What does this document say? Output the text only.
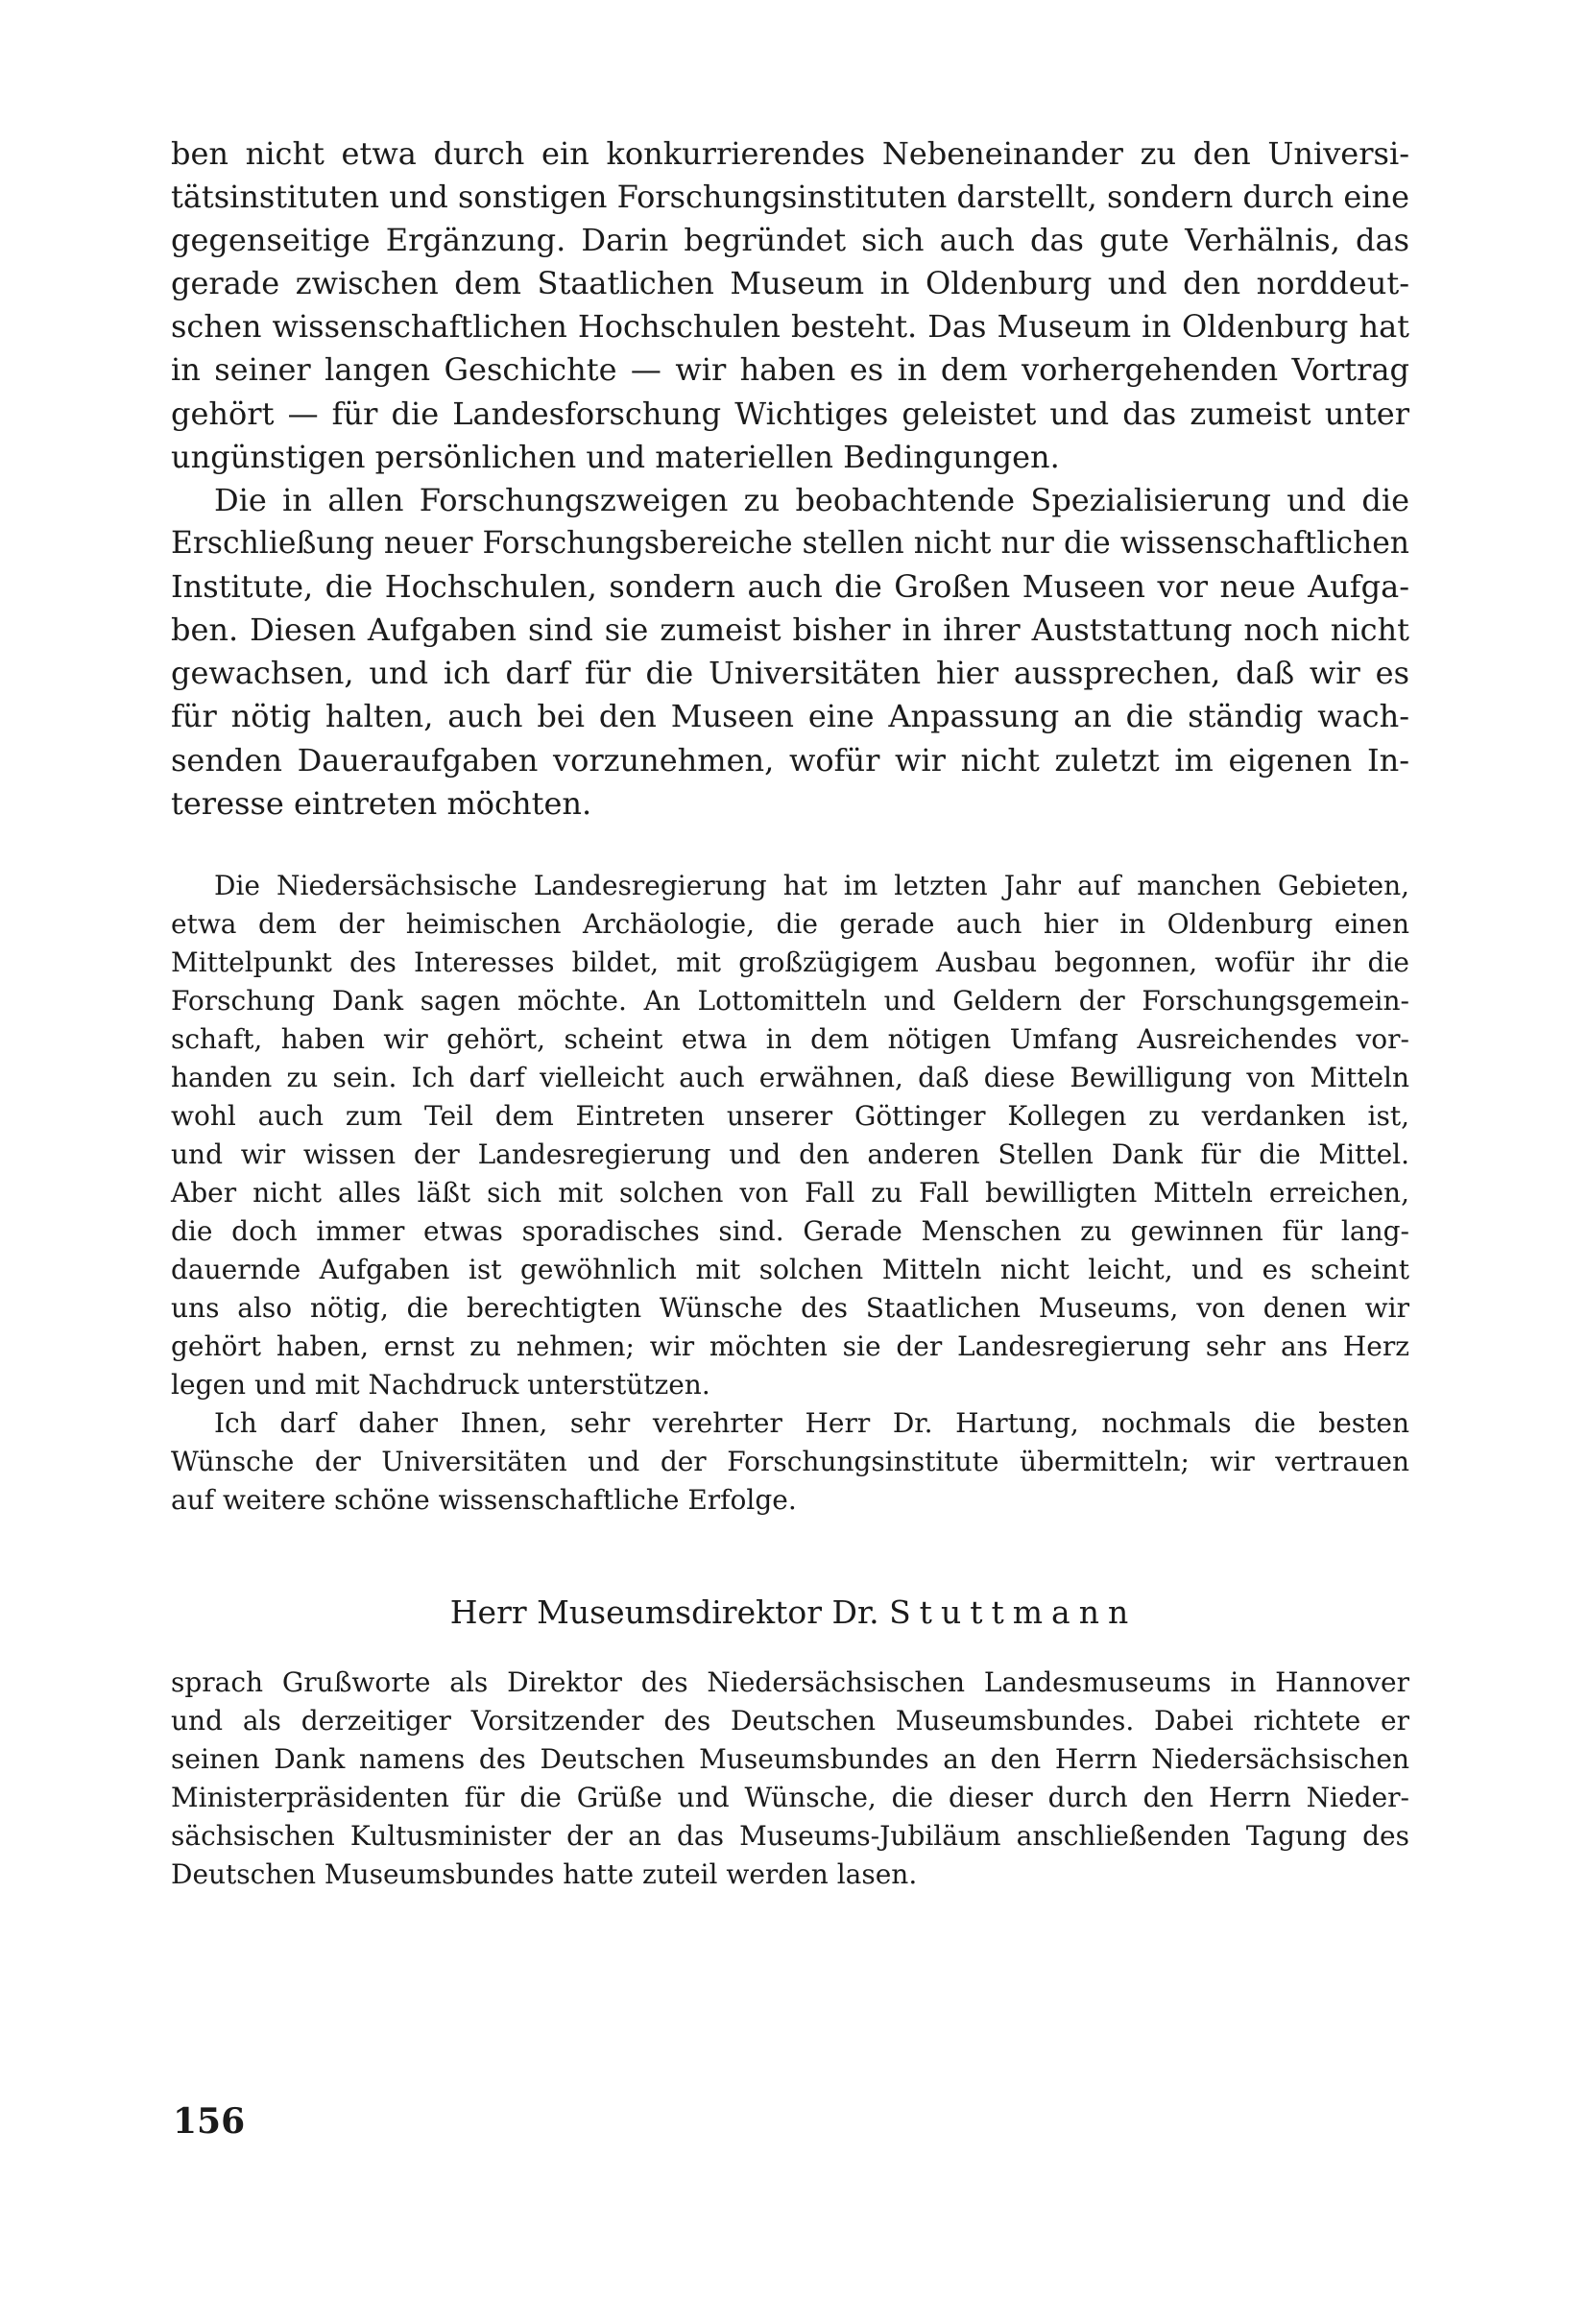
ben nicht etwa durch ein konkurrierendes Nebeneinander zu den Universi-
tätsinstituten und sonstigen Forschungsinstituten darstellt, sondern durch eine
gegenseitige Ergänzung. Darin begründet sich auch das gute Verhälnis, das
gerade zwischen dem Staatlichen Museum in Oldenburg und den norddeut-
schen wissenschaftlichen Hochschulen besteht. Das Museum in Oldenburg hat
in seiner langen Geschichte — wir haben es in dem vorhergehenden Vortrag
gehört — für die Landesforschung Wichtiges geleistet und das zumeist unter
ungünstigen persönlichen und materiellen Bedingungen.

Die in allen Forschungszweigen zu beobachtende Spezialisierung und die
Erschließung neuer Forschungsbereiche stellen nicht nur die wissenschaftlichen
Institute, die Hochschulen, sondern auch die Großen Museen vor neue Aufga-
ben. Diesen Aufgaben sind sie zumeist bisher in ihrer Auststattung noch nicht
gewachsen, und ich darf für die Universitäten hier aussprechen, daß wir es
für nötig halten, auch bei den Museen eine Anpassung an die ständig wach-
senden Daueraufgaben vorzunehmen, wofür wir nicht zuletzt im eigenen In-
teresse eintreten möchten.

Die Niedersächsische Landesregierung hat im letzten Jahr auf manchen Gebieten,
etwa dem der heimischen Archäologie, die gerade auch hier in Oldenburg einen
Mittelpunkt des Interesses bildet, mit großzügigem Ausbau begonnen, wofür ihr die
Forschung Dank sagen möchte. An Lottomitteln und Geldern der Forschungsgemein-
schaft, haben wir gehört, scheint etwa in dem nötigen Umfang Ausreichendes vor-
handen zu sein. Ich darf vielleicht auch erwähnen, daß diese Bewilligung von Mitteln
wohl auch zum Teil dem Eintreten unserer Göttinger Kollegen zu verdanken ist,
und wir wissen der Landesregierung und den anderen Stellen Dank für die Mittel.
Aber nicht alles läßt sich mit solchen von Fall zu Fall bewilligten Mitteln erreichen,
die doch immer etwas sporadisches sind. Gerade Menschen zu gewinnen für lang-
dauernde Aufgaben ist gewöhnlich mit solchen Mitteln nicht leicht, und es scheint
uns also nötig, die berechtigten Wünsche des Staatlichen Museums, von denen wir
gehört haben, ernst zu nehmen; wir möchten sie der Landesregierung sehr ans Herz
legen und mit Nachdruck unterstützen.

Ich darf daher Ihnen, sehr verehrter Herr Dr. Hartung, nochmals die besten
Wünsche der Universitäten und der Forschungsinstitute übermitteln; wir vertrauen
auf weitere schöne wissenschaftliche Erfolge.

Herr Museumsdirektor Dr. Stuttmann

sprach Grußworte als Direktor des Niedersächsischen Landesmuseums in Hannover
und als derzeitiger Vorsitzender des Deutschen Museumsbundes. Dabei richtete er
seinen Dank namens des Deutschen Museumsbundes an den Herrn Niedersächsischen
Ministerpräsidenten für die Grüße und Wünsche, die dieser durch den Herrn Nieder-
sächsischen Kultusminister der an das Museums-Jubiläum anschließenden Tagung des
Deutschen Museumsbundes hatte zuteil werden lasen.

156
